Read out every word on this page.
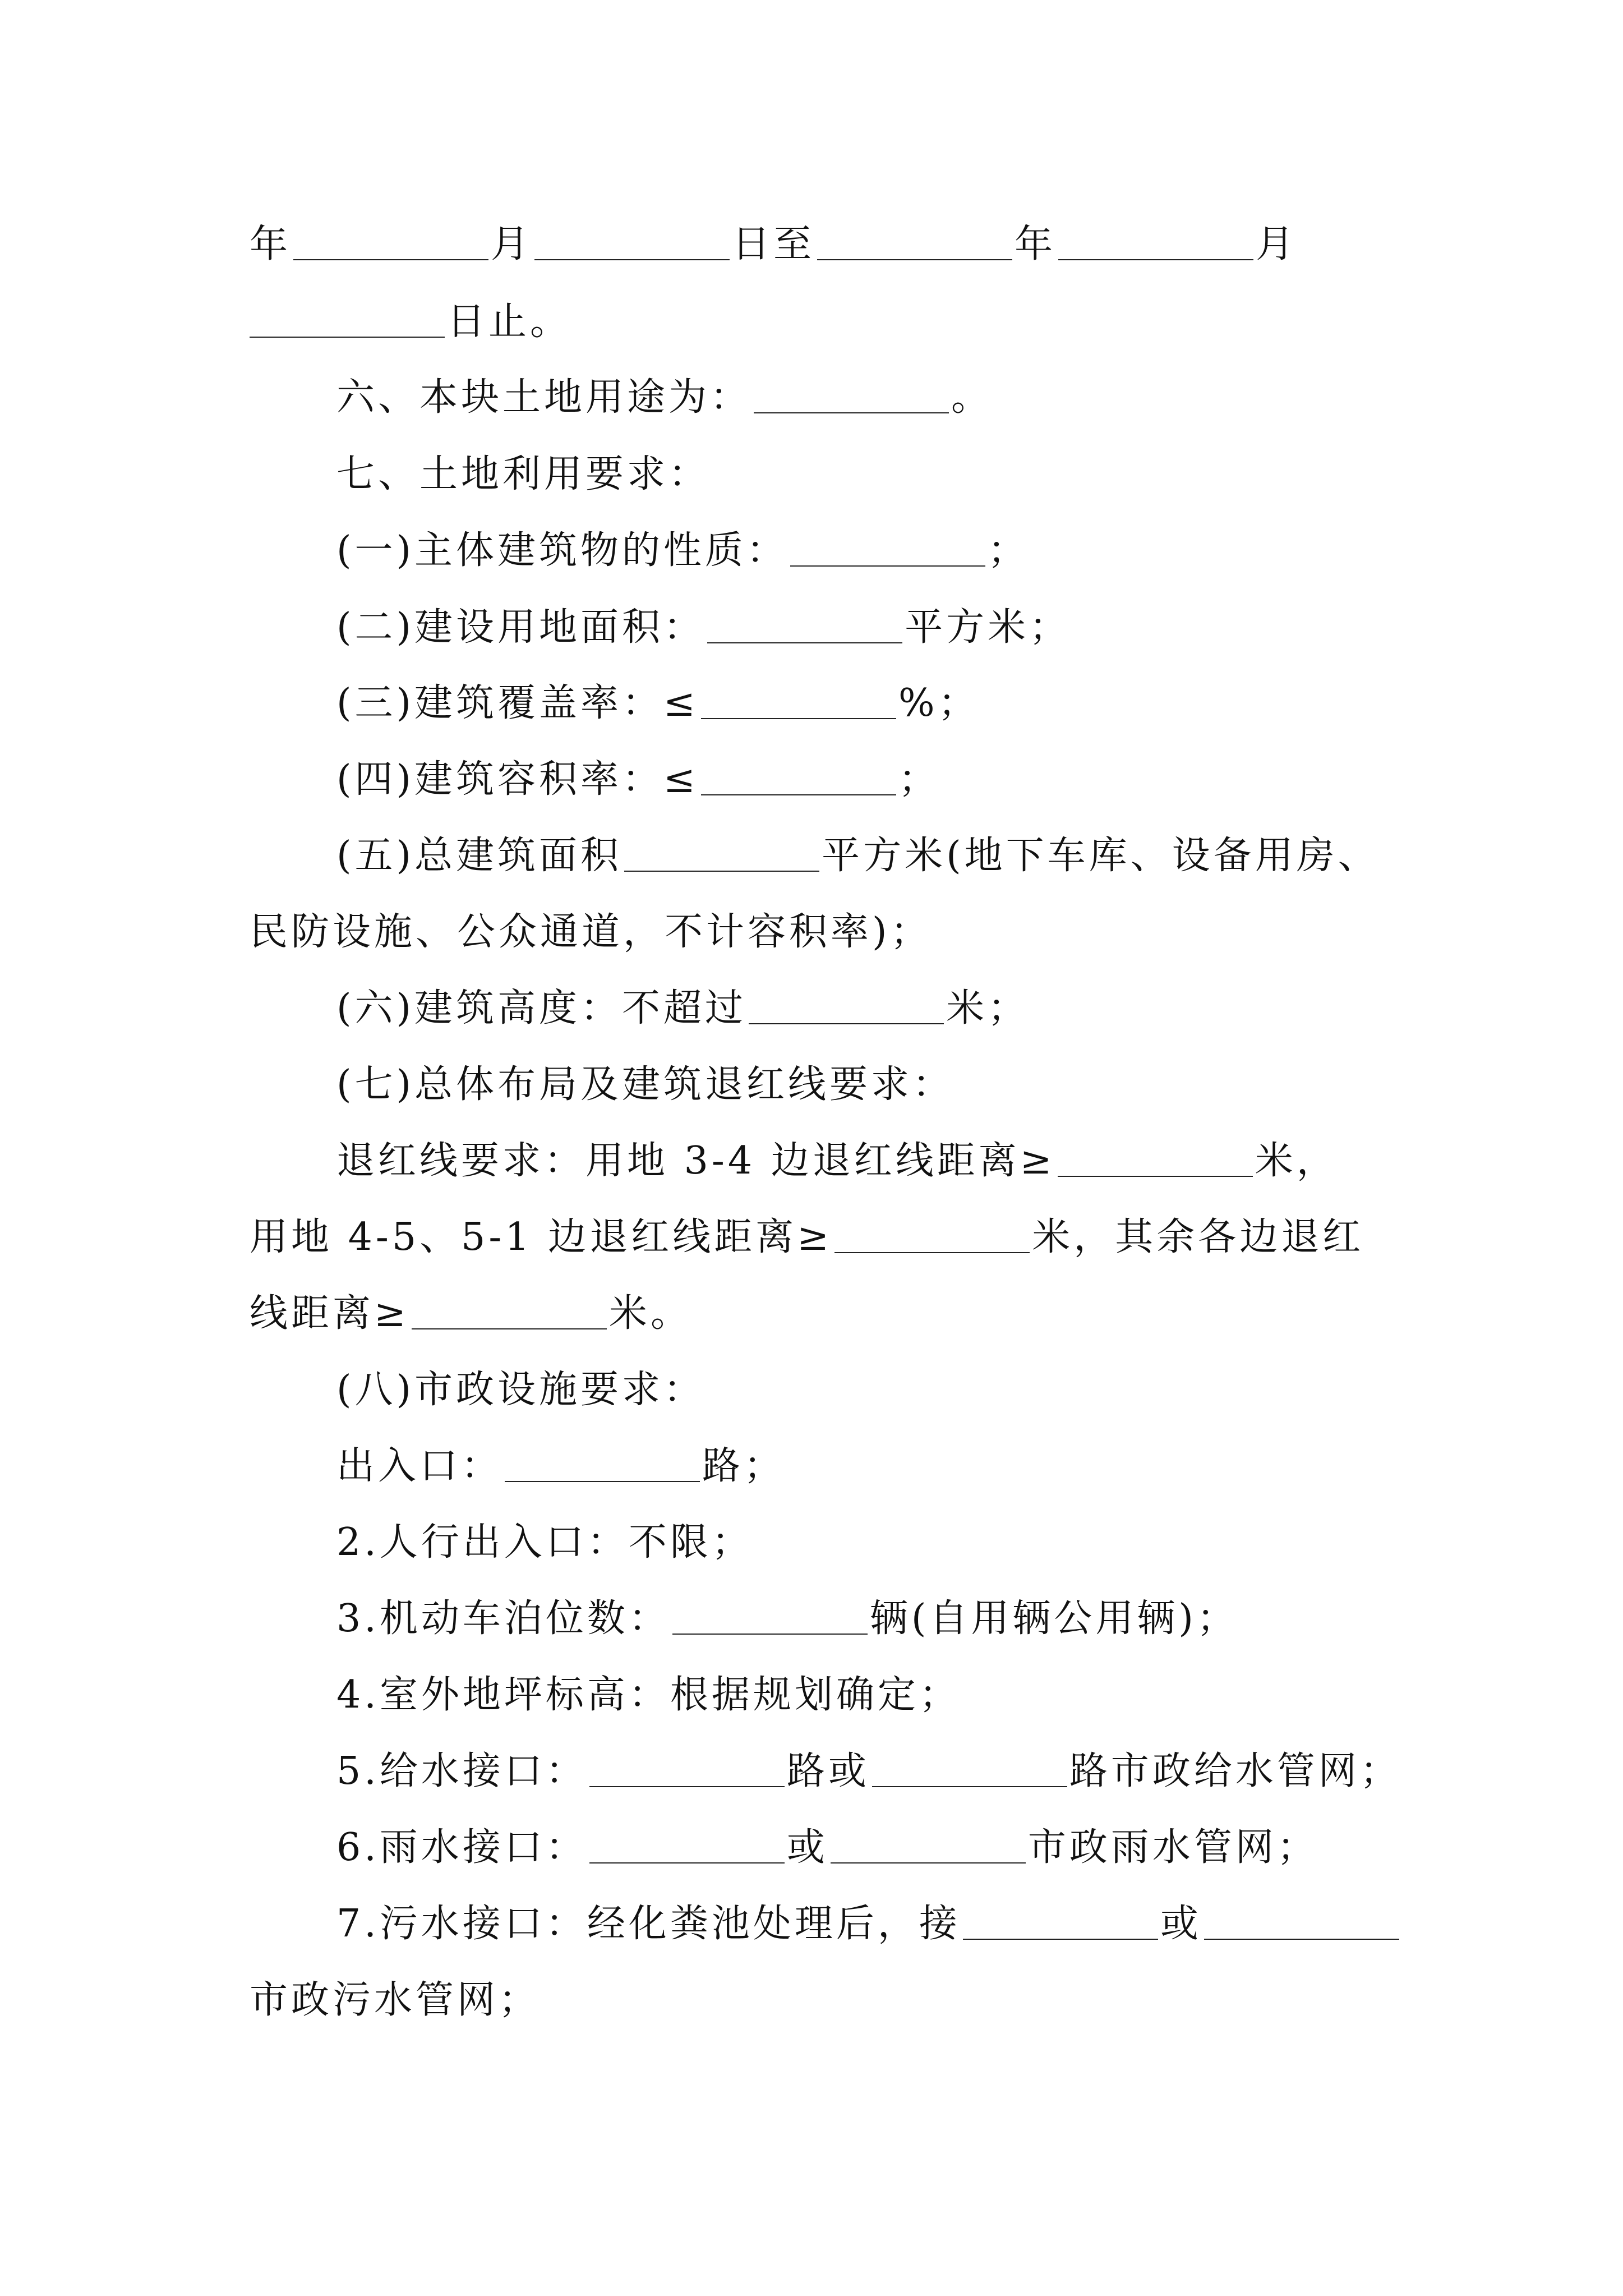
年	月	日至	年	月
日止。
六、本块土地用途为：	。
七、土地利用要求：
(一)主体建筑物的性质：	；
(二)建设用地面积：	平方米；
(三)建筑覆盖率：≤	%；
(四)建筑容积率：≤	；
(五)总建筑面积	平方米(地下车库、设备用房、
民防设施、公众通道，不计容积率)；
(六)建筑高度：不超过	米；
(七)总体布局及建筑退红线要求：
退红线要求：用地 3-4 边退红线距离≥	米，
用地 4-5、5-1 边退红线距离≥	米，其余各边退红
线距离≥	米。
(八)市政设施要求：
出入口：	路；
2.人行出入口：不限；
3.机动车泊位数：	辆(自用辆公用辆)；
4.室外地坪标高：根据规划确定；
5.给水接口：	路或	路市政给水管网；
6.雨水接口：	或	市政雨水管网；
7.污水接口：经化粪池处理后，接	或
市政污水管网；
